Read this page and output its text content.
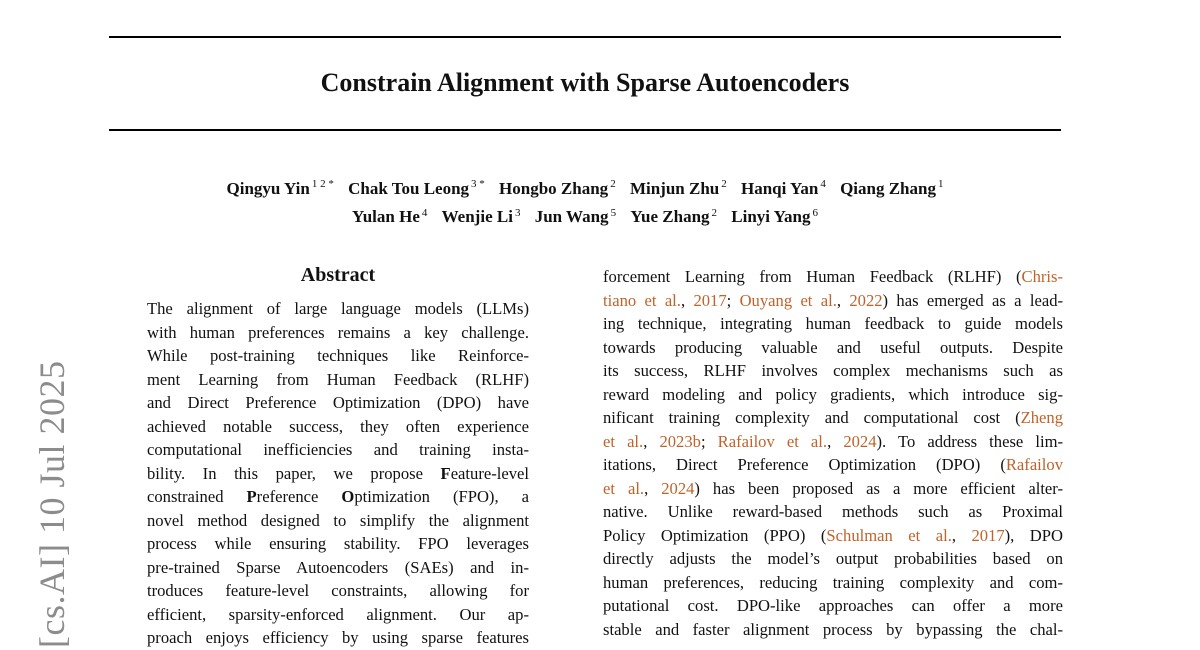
Constrain Alignment with Sparse Autoencoders
Qingyu Yin $^{1 2 *}$ Chak Tou Leong $^{3 *}$ Hongbo Zhang $^2$ Minjun Zhu $^2$ Hanqi Yan $^4$ Qiang Zhang $^1$
Yulan He $^4$ Wenjie Li $^3$ Jun Wang $^5$ Yue Zhang $^2$ Linyi Yang $^6$
[cs.AI] 10 Jul 2025
Abstract
The alignment of large language models (LLMs)
with human preferences remains a key challenge.
While post-training techniques like Reinforce-
ment Learning from Human Feedback (RLHF)
and Direct Preference Optimization (DPO) have
achieved notable success, they often experience
computational inefficiencies and training insta-
bility. In this paper, we propose Feature-level
constrained Preference Optimization (FPO), a
novel method designed to simplify the alignment
process while ensuring stability. FPO leverages
pre-trained Sparse Autoencoders (SAEs) and in-
troduces feature-level constraints, allowing for
efficient, sparsity-enforced alignment. Our ap-
proach enjoys efficiency by using sparse features
forcement Learning from Human Feedback (RLHF) (Chris-
tiano et al., 2017; Ouyang et al., 2022) has emerged as a lead-
ing technique, integrating human feedback to guide models
towards producing valuable and useful outputs. Despite
its success, RLHF involves complex mechanisms such as
reward modeling and policy gradients, which introduce sig-
nificant training complexity and computational cost (Zheng
et al., 2023b; Rafailov et al., 2024). To address these lim-
itations, Direct Preference Optimization (DPO) (Rafailov
et al., 2024) has been proposed as a more efficient alter-
native. Unlike reward-based methods such as Proximal
Policy Optimization (PPO) (Schulman et al., 2017), DPO
directly adjusts the model’s output probabilities based on
human preferences, reducing training complexity and com-
putational cost. DPO-like approaches can offer a more
stable and faster alignment process by bypassing the chal-
